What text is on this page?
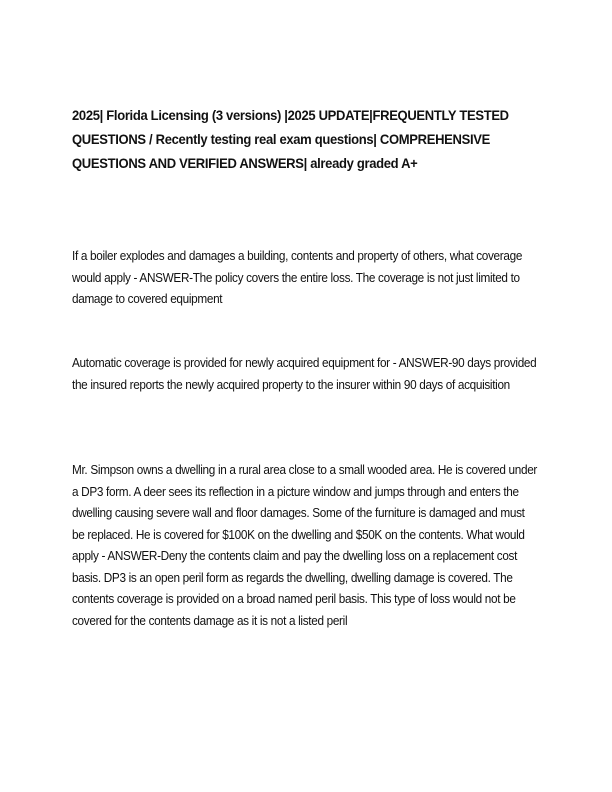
2025| Florida Licensing (3 versions) |2025 UPDATE|FREQUENTLY TESTED QUESTIONS / Recently testing real exam questions| COMPREHENSIVE QUESTIONS AND VERIFIED ANSWERS| already graded A+

If a boiler explodes and damages a building, contents and property of others, what coverage would apply - ANSWER-The policy covers the entire loss. The coverage is not just limited to damage to covered equipment

Automatic coverage is provided for newly acquired equipment for - ANSWER-90 days provided the insured reports the newly acquired property to the insurer within 90 days of acquisition

Mr. Simpson owns a dwelling in a rural area close to a small wooded area. He is covered under a DP3 form. A deer sees its reflection in a picture window and jumps through and enters the dwelling causing severe wall and floor damages. Some of the furniture is damaged and must be replaced. He is covered for $100K on the dwelling and $50K on the contents. What would apply - ANSWER-Deny the contents claim and pay the dwelling loss on a replacement cost basis. DP3 is an open peril form as regards the dwelling, dwelling damage is covered. The contents coverage is provided on a broad named peril basis. This type of loss would not be covered for the contents damage as it is not a listed peril
